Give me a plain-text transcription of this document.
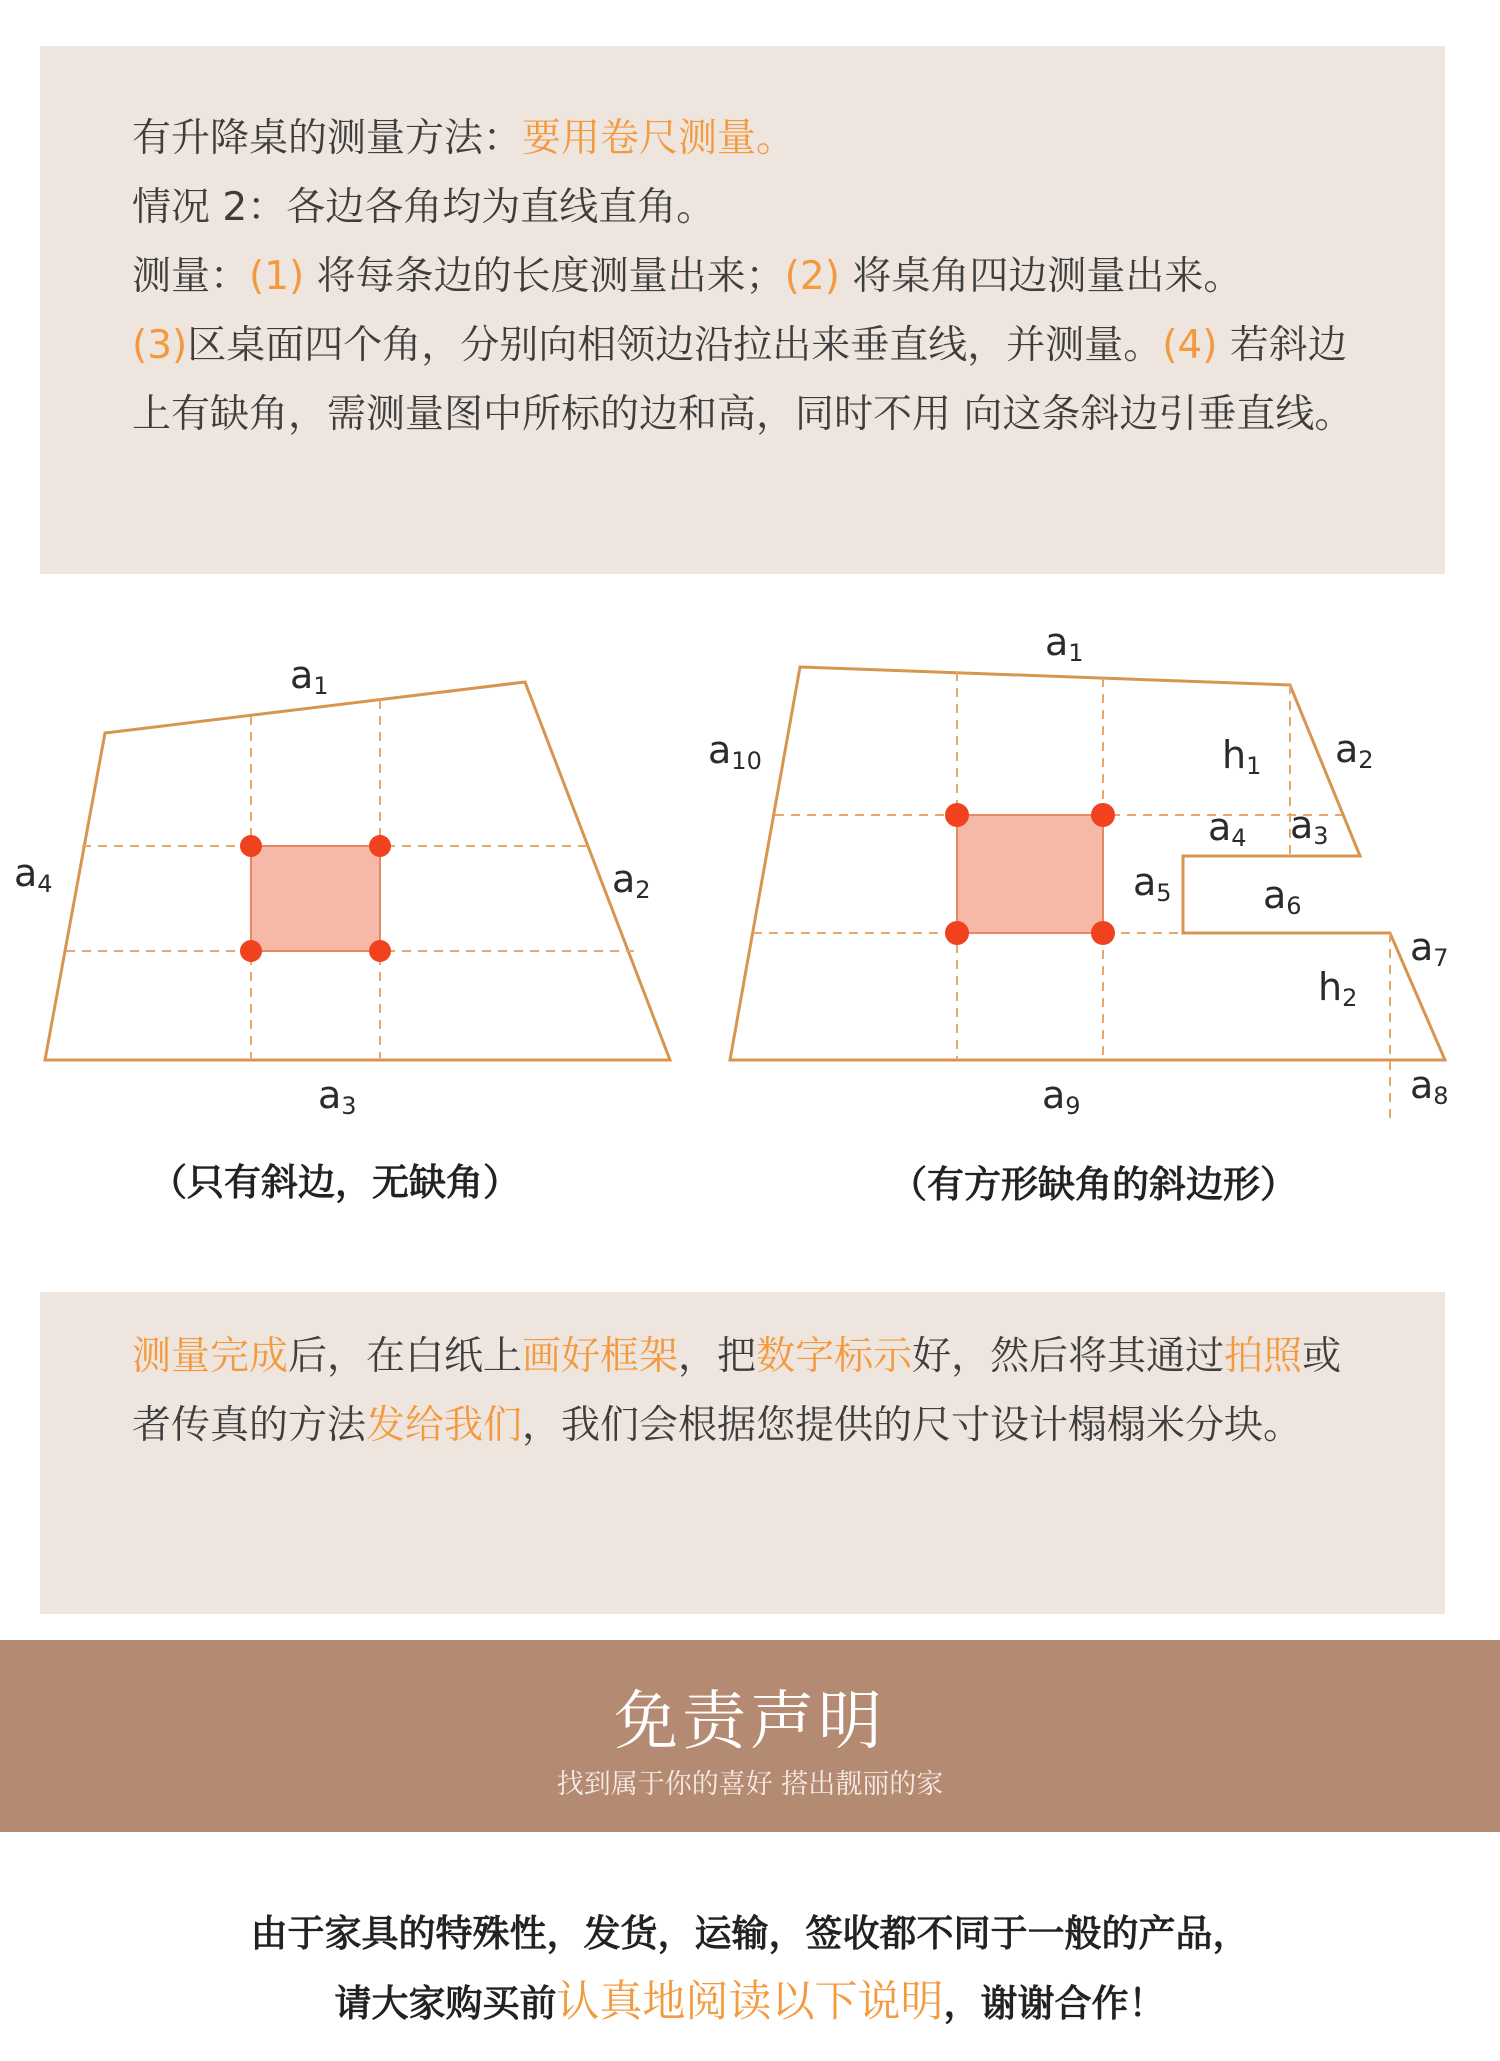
有升降桌的测量方法：要用卷尺测量。
情况 2：各边各角均为直线直角。
测量：(1) 将每条边的长度测量出来；(2) 将桌角四边测量出来。
(3)区桌面四个角，分别向相领边沿拉出来垂直线，并测量。(4) 若斜边上有缺角，需测量图中所标的边和高，同时不用 向这条斜边引垂直线。
a1
a2
a3
a4
（只有斜边，无缺角）
a1
a2
a3
a4
a5 a6
a7
a8
a9
a10	h1
h2
（有方形缺角的斜边形）

测量完成后，在白纸上画好框架，把数字标示好，然后将其通过拍照或者传真的方法发给我们，我们会根据您提供的尺寸设计榻榻米分块。

免责声明
找到属于你的喜好 搭出靓丽的家
由于家具的特殊性，发货，运输，签收都不同于一般的产品，
请大家购买前认真地阅读以下说明，谢谢合作！
